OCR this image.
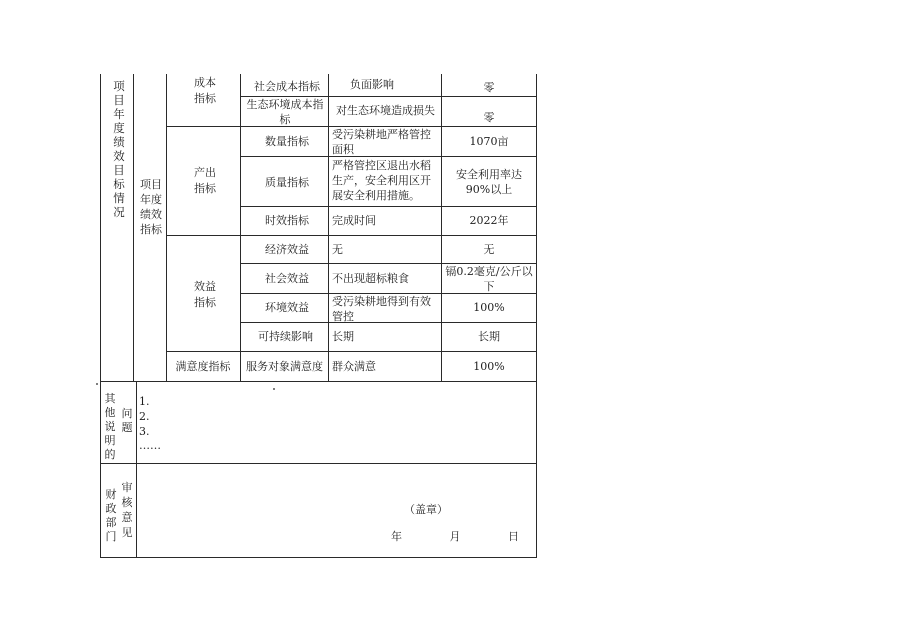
项目年度绩效目标情况
项目年度绩效指标
成本指标
产出指标
效益指标
满意度指标
社会成本指标
生态环境成本指标
数量指标
质量指标
时效指标
经济效益
社会效益
环境效益
可持续影响
服务对象满意度
负面影响
对生态环境造成损失
受污染耕地严格管控面积
严格管控区退出水稻生产，安全利用区开展安全利用措施。
完成时间
无
不出现超标粮食
受污染耕地得到有效管控
长期
群众满意
零
零
1070亩
安全利用率达90%以上
2022年
无
镉0.2毫克/公斤以下
100%
长期
100%
其他说明的
问题
1.
2.
3.
……
财政部门
审核意见
（盖章）
年     月     日
